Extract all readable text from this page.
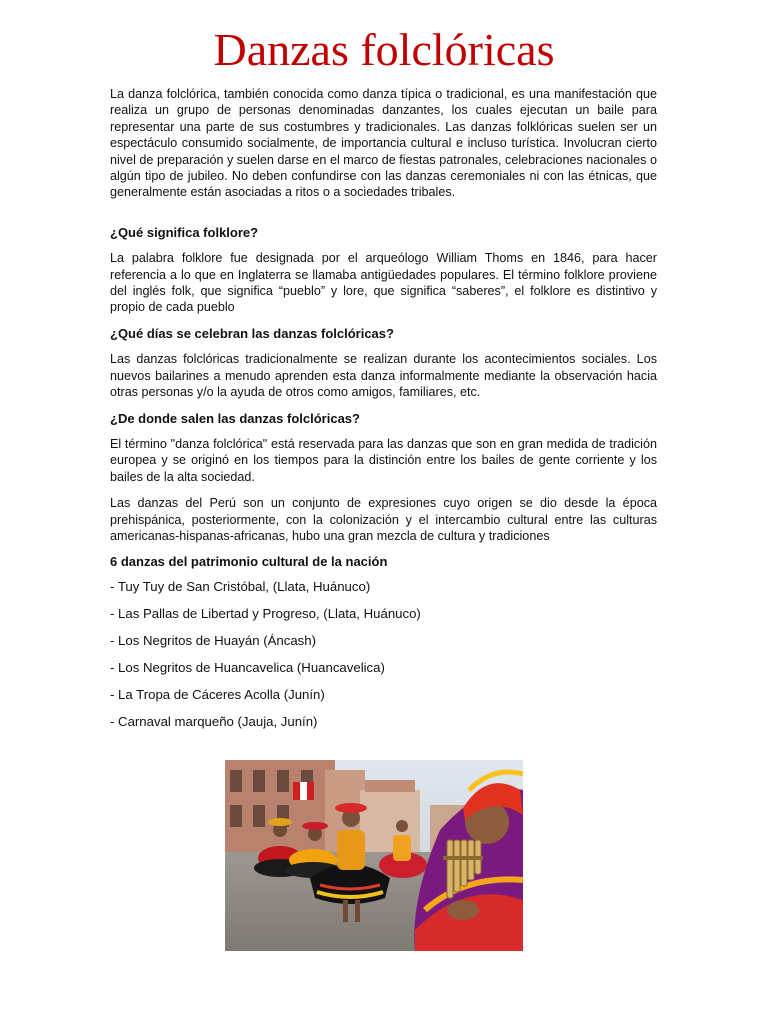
Danzas folclóricas

La danza folclórica, también conocida como danza típica o tradicional, es una manifestación que realiza un grupo de personas denominadas danzantes, los cuales ejecutan un baile para representar una parte de sus costumbres y tradicionales. Las danzas folklóricas suelen ser un espectáculo consumido socialmente, de importancia cultural e incluso turística. Involucran cierto nivel de preparación y suelen darse en el marco de fiestas patronales, celebraciones nacionales o algún tipo de jubileo. No deben confundirse con las danzas ceremoniales ni con las étnicas, que generalmente están asociadas a ritos o a sociedades tribales.

¿Qué significa folklore?

La palabra folklore fue designada por el arqueólogo William Thoms en 1846, para hacer referencia a lo que en Inglaterra se llamaba antigüedades populares. El término folklore proviene del inglés folk, que significa “pueblo” y lore, que significa “saberes”, el folklore es distintivo y propio de cada pueblo

¿Qué días se celebran las danzas folclóricas?

Las danzas folclóricas tradicionalmente se realizan durante los acontecimientos sociales. Los nuevos bailarines a menudo aprenden esta danza informalmente mediante la observación hacia otras personas y/o la ayuda de otros como amigos, familiares, etc.

¿De donde salen las danzas folclóricas?

El término "danza folclórica" está reservada para las danzas que son en gran medida de tradición europea y se originó en los tiempos para la distinción entre los bailes de gente corriente y los bailes de la alta sociedad.

Las danzas del Perú son un conjunto de expresiones cuyo origen se dio desde la época prehispánica, posteriormente, con la colonización y el intercambio cultural entre las culturas americanas-hispanas-africanas, hubo una gran mezcla de cultura y tradiciones

6 danzas del patrimonio cultural de la nación

- Tuy Tuy de San Cristóbal, (Llata, Huánuco)
- Las Pallas de Libertad y Progreso, (Llata, Huánuco)
- Los Negritos de Huayán (Áncash)
- Los Negritos de Huancavelica (Huancavelica)
- La Tropa de Cáceres Acolla (Junín)
- Carnaval marqueño (Jauja, Junín)
